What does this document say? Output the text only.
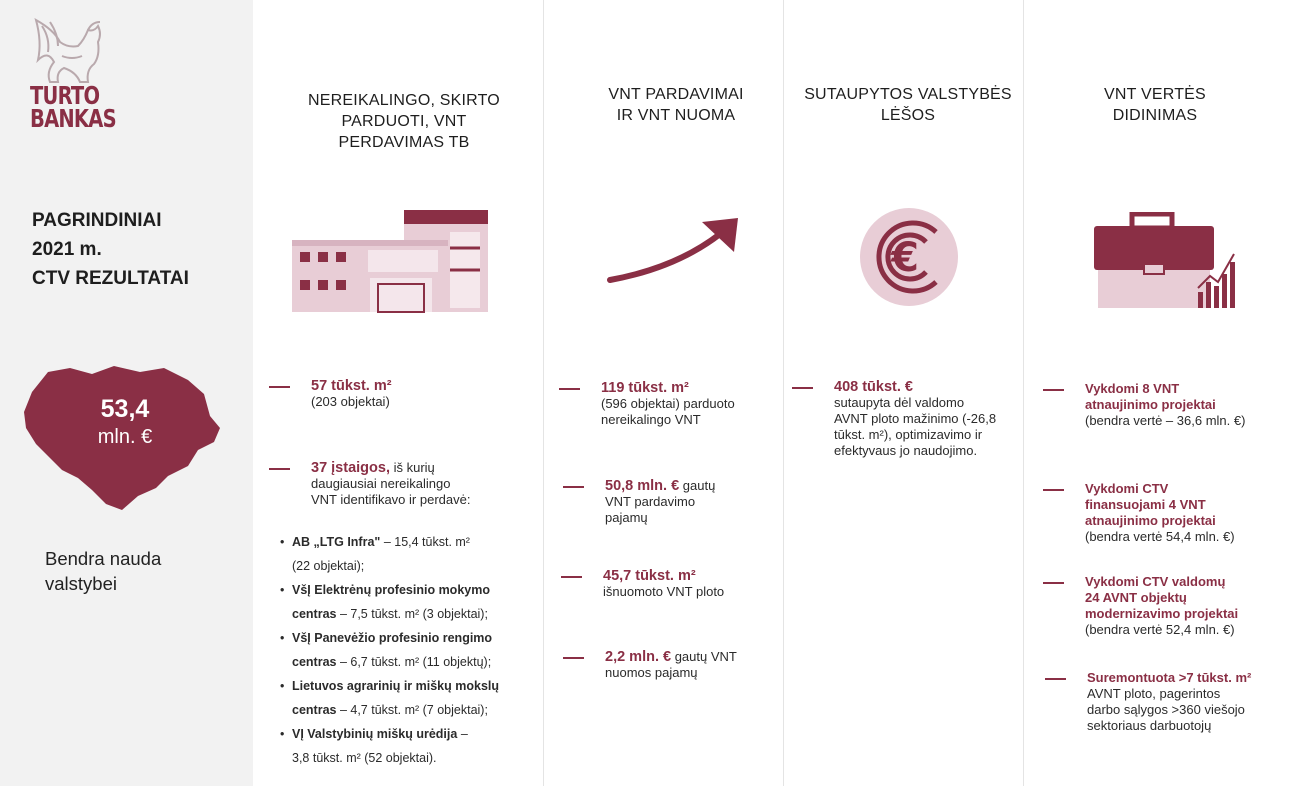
TURTO
BANKAS
PAGRINDINIAI
2021 m.
CTV REZULTATAI
53,4
mln. €
Bendra nauda
valstybei
NEREIKALINGO, SKIRTO
PARDUOTI, VNT
PERDAVIMAS TB
57 tūkst. m²
(203 objektai)
37 įstaigos, iš kurių
daugiausiai nereikalingo
VNT identifikavo ir perdavė:
• AB „LTG Infra" – 15,4 tūkst. m²
(22 objektai);
• VšĮ Elektrėnų profesinio mokymo
centras – 7,5 tūkst. m² (3 objektai);
• VšĮ Panevėžio profesinio rengimo
centras – 6,7 tūkst. m² (11 objektų);
• Lietuvos agrarinių ir miškų mokslų
centras – 4,7 tūkst. m² (7 objektai);
• VĮ Valstybinių miškų urėdija –
3,8 tūkst. m² (52 objektai).
VNT PARDAVIMAI
IR VNT NUOMA
119 tūkst. m²
(596 objektai) parduoto
nereikalingo VNT
50,8 mln. € gautų
VNT pardavimo
pajamų
45,7 tūkst. m²
išnuomoto VNT ploto
2,2 mln. € gautų VNT
nuomos pajamų
SUTAUPYTOS VALSTYBĖS
LĖŠOS
€
408 tūkst. €
sutaupyta dėl valdomo
AVNT ploto mažinimo (-26,8
tūkst. m²), optimizavimo ir
efektyvaus jo naudojimo.
VNT VERTĖS
DIDINIMAS
Vykdomi 8 VNT
atnaujinimo projektai
(bendra vertė – 36,6 mln. €)
Vykdomi CTV
finansuojami 4 VNT
atnaujinimo projektai
(bendra vertė 54,4 mln. €)
Vykdomi CTV valdomų
24 AVNT objektų
modernizavimo projektai
(bendra vertė 52,4 mln. €)
Suremontuota >7 tūkst. m²
AVNT ploto, pagerintos
darbo sąlygos >360 viešojo
sektoriaus darbuotojų
